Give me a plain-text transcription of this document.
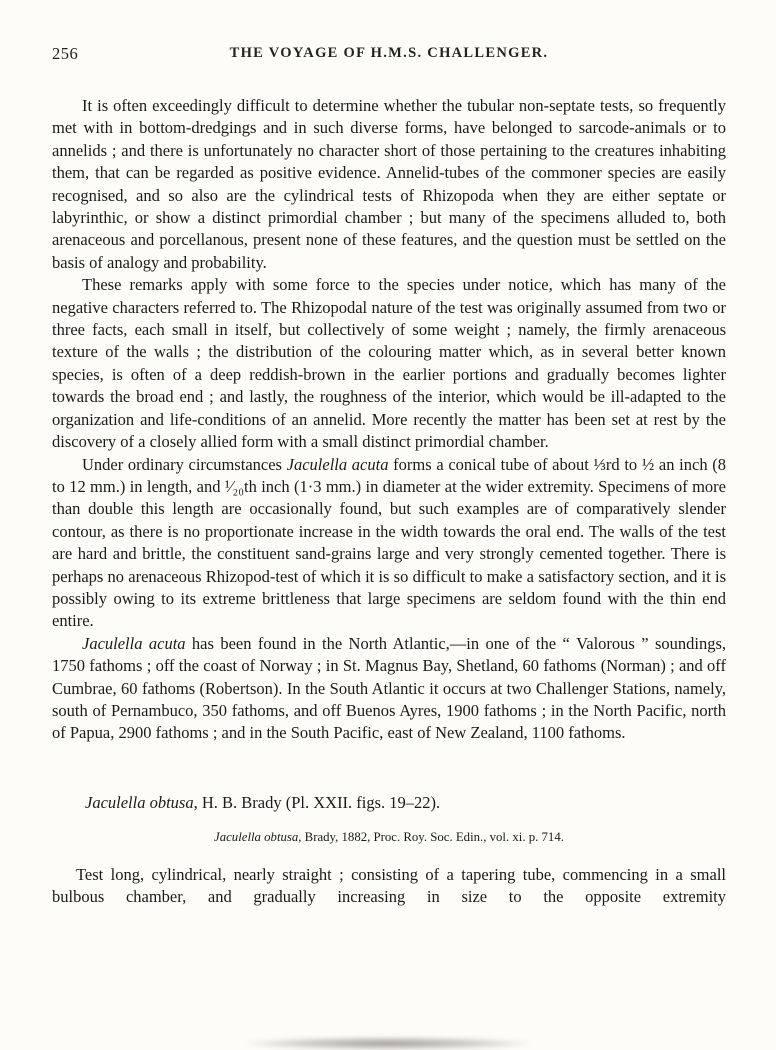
256	THE VOYAGE OF H.M.S. CHALLENGER.

It is often exceedingly difficult to determine whether the tubular non-septate tests, so frequently met with in bottom-dredgings and in such diverse forms, have belonged to sarcode-animals or to annelids ; and there is unfortunately no character short of those pertaining to the creatures inhabiting them, that can be regarded as positive evidence. Annelid-tubes of the commoner species are easily recognised, and so also are the cylindrical tests of Rhizopoda when they are either septate or labyrinthic, or show a distinct primordial chamber ; but many of the specimens alluded to, both arenaceous and porcellanous, present none of these features, and the question must be settled on the basis of analogy and probability.

These remarks apply with some force to the species under notice, which has many of the negative characters referred to. The Rhizopodal nature of the test was originally assumed from two or three facts, each small in itself, but collectively of some weight ; namely, the firmly arenaceous texture of the walls ; the distribution of the colouring matter which, as in several better known species, is often of a deep reddish-brown in the earlier portions and gradually becomes lighter towards the broad end ; and lastly, the roughness of the interior, which would be ill-adapted to the organization and life-conditions of an annelid. More recently the matter has been set at rest by the discovery of a closely allied form with a small distinct primordial chamber.

Under ordinary circumstances Jaculella acuta forms a conical tube of about ⅓rd to ½ an inch (8 to 12 mm.) in length, and ¹⁄₂₀th inch (1·3 mm.) in diameter at the wider extremity. Specimens of more than double this length are occasionally found, but such examples are of comparatively slender contour, as there is no proportionate increase in the width towards the oral end. The walls of the test are hard and brittle, the constituent sand-grains large and very strongly cemented together. There is perhaps no arenaceous Rhizopod-test of which it is so difficult to make a satisfactory section, and it is possibly owing to its extreme brittleness that large specimens are seldom found with the thin end entire.

Jaculella acuta has been found in the North Atlantic,—in one of the “ Valorous ” soundings, 1750 fathoms ; off the coast of Norway ; in St. Magnus Bay, Shetland, 60 fathoms (Norman) ; and off Cumbrae, 60 fathoms (Robertson). In the South Atlantic it occurs at two Challenger Stations, namely, south of Pernambuco, 350 fathoms, and off Buenos Ayres, 1900 fathoms ; in the North Pacific, north of Papua, 2900 fathoms ; and in the South Pacific, east of New Zealand, 1100 fathoms.

Jaculella obtusa, H. B. Brady (Pl. XXII. figs. 19–22).

Jaculella obtusa, Brady, 1882, Proc. Roy. Soc. Edin., vol. xi. p. 714.

Test long, cylindrical, nearly straight ; consisting of a tapering tube, commencing in a small bulbous chamber, and gradually increasing in size to the opposite extremity
